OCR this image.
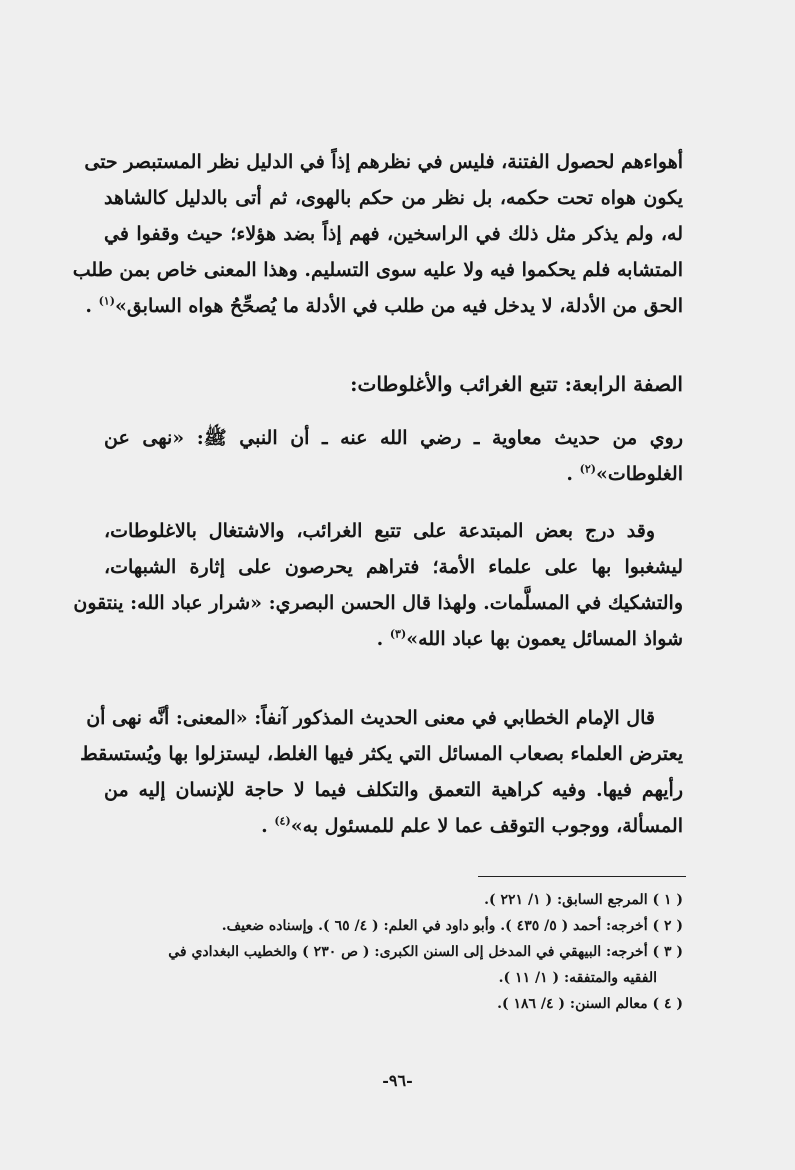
أهواءهم لحصول الفتنة، فليس في نظرهم إذاً في الدليل نظر المستبصر حتى
يكون هواه تحت حكمه، بل نظر من حكم بالهوى، ثم أتى بالدليل كالشاهد
له، ولم يذكر مثل ذلك في الراسخين، فهم إذاً بضد هؤلاء؛ حيث وقفوا في
المتشابه فلم يحكموا فيه ولا عليه سوى التسليم. وهذا المعنى خاص بمن طلب
الحق من الأدلة، لا يدخل فيه من طلب في الأدلة ما يُصحِّحُ هواه السابق»$^{(١)}$ .
الصفة الرابعة: تتبع الغرائب والأغلوطات:
روي من حديث معاوية ـ رضي الله عنه ـ أن النبي ﷺ: «نهى عن
الغلوطات»$^{(٢)}$ .
وقد درج بعض المبتدعة على تتبع الغرائب، والاشتغال بالاغلوطات،
ليشغبوا بها على علماء الأمة؛ فتراهم يحرصون على إثارة الشبهات،
والتشكيك في المسلَّمات. ولهذا قال الحسن البصري: «شرار عباد الله: ينتقون
شواذ المسائل يعمون بها عباد الله»$^{(٣)}$ .
قال الإمام الخطابي في معنى الحديث المذكور آنفاً: «المعنى: أنَّه نهى أن
يعترض العلماء بصعاب المسائل التي يكثر فيها الغلط، ليستزلوا بها ويُستسقط
رأيهم فيها. وفيه كراهية التعمق والتكلف فيما لا حاجة للإنسان إليه من
المسألة، ووجوب التوقف عما لا علم للمسئول به»$^{(٤)}$ .
( ١ ) المرجع السابق: ( ١/ ٢٢١ ).
( ٢ ) أخرجه: أحمد ( ٥/ ٤٣٥ ). وأبو داود في العلم: ( ٤/ ٦٥ ). وإسناده ضعيف.
( ٣ ) أخرجه: البيهقي في المدخل إلى السنن الكبرى: ( ص ٢٣٠ ) والخطيب البغدادي في
الفقيه والمتفقه: ( ١/ ١١ ).
( ٤ ) معالم السنن: ( ٤/ ١٨٦ ).
-٩٦-
